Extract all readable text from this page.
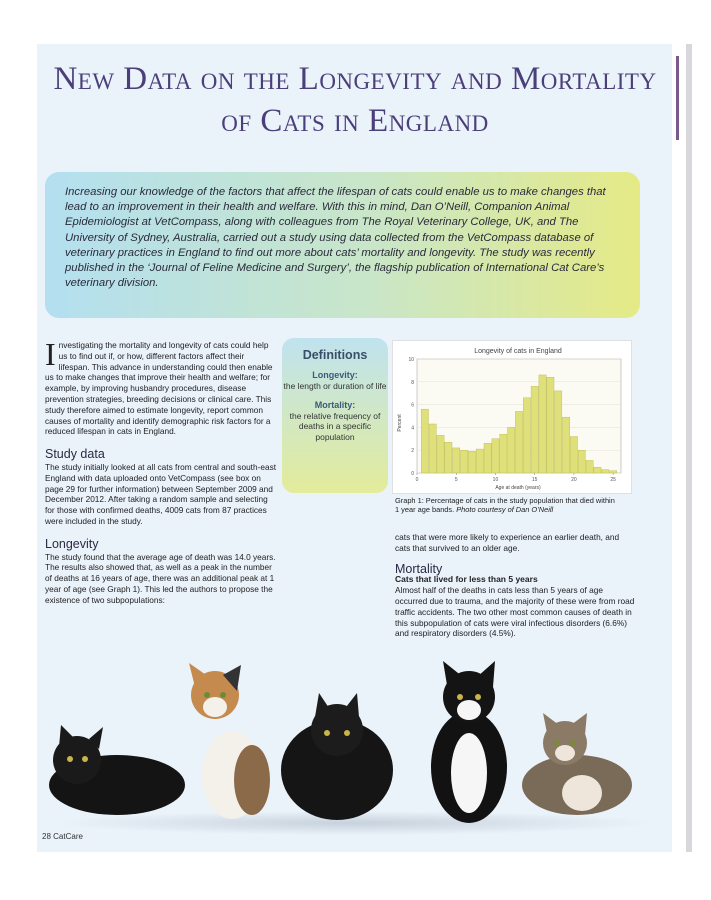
New Data on the Longevity and Mortality of Cats in England

Increasing our knowledge of the factors that affect the lifespan of cats could enable us to make changes that lead to an improvement in their health and welfare. With this in mind, Dan O’Neill, Companion Animal Epidemiologist at VetCompass, along with colleagues from The Royal Veterinary College, UK, and The University of Sydney, Australia, carried out a study using data collected from the VetCompass database of veterinary practices in England to find out more about cats’ mortality and longevity. The study was recently published in the ‘Journal of Feline Medicine and Surgery’, the flagship publication of International Cat Care’s veterinary division.

Investigating the mortality and longevity of cats could help us to find out if, or how, different factors affect their lifespan. This advance in understanding could then enable us to make changes that improve their health and welfare; for example, by improving husbandry procedures, disease prevention strategies, breeding decisions or clinical care. This study therefore aimed to estimate longevity, report common causes of mortality and identify demographic risk factors for a reduced lifespan in cats in England.

Study data

The study initially looked at all cats from central and south-east England with data uploaded onto VetCompass (see box on page 29 for further information) between September 2009 and December 2012. After taking a random sample and selecting for those with confirmed deaths, 4009 cats from 87 practices were included in the study.

Longevity

The study found that the average age of death was 14.0 years. The results also showed that, as well as a peak in the number of deaths at 16 years of age, there was an additional peak at 1 year of age (see Graph 1). This led the authors to propose the existence of two subpopulations:

Definitions
Longevity:
the length or duration of life
Mortality:
the relative frequency of deaths in a specific population
Longevity of cats in England
Age at death (years)
Percent
0
2
4
6
8
10
0	5	10	15	20	25

Graph 1: Percentage of cats in the study population that died within 1 year age bands. Photo courtesy of Dan O’Neill

cats that were more likely to experience an earlier death, and cats that survived to an older age.

Mortality

Cats that lived for less than 5 years

Almost half of the deaths in cats less than 5 years of age occurred due to trauma, and the majority of these were from road traffic accidents. The two other most common causes of death in this subpopulation of cats were viral infectious disorders (6.6%) and respiratory disorders (4.5%).

28 CatCare
